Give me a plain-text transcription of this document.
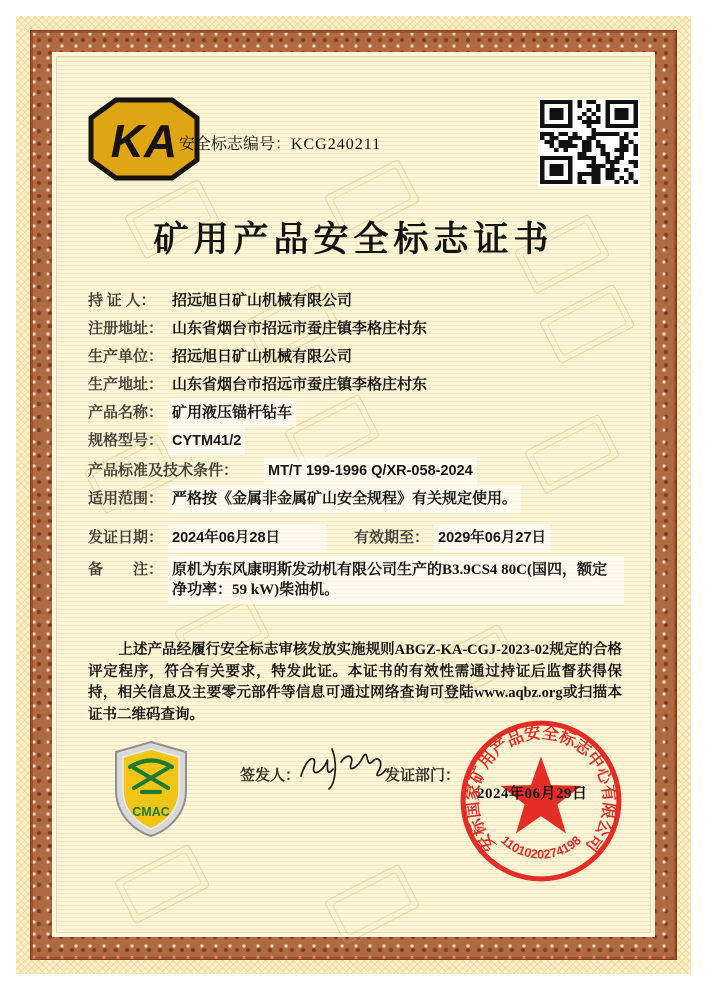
KA 安全标志编号：KCG240211
矿用产品安全标志证书
持 证 人：	招远旭日矿山机械有限公司
注册地址： 山东省烟台市招远市蚕庄镇李格庄村东
生产单位： 招远旭日矿山机械有限公司
生产地址： 山东省烟台市招远市蚕庄镇李格庄村东
产品名称： 矿用液压锚杆钻车
规格型号： CYTM41/2
产品标准及技术条件：	MT/T 199-1996 Q/XR-058-2024
适用范围： 严格按《金属非金属矿山安全规程》有关规定使用。
发证日期： 2024年06月28日	有效期至： 2029年06月27日
备　　注： 原机为东风康明斯发动机有限公司生产的B3.9CS4 80C(国四，额定净功率：59 kW)柴油机。
上述产品经履行安全标志审核发放实施规则ABGZ-KA-CGJ-2023-02规定的合格评定程序，符合有关要求，特发此证。本证书的有效性需通过持证后监督获得保持，相关信息及主要零元部件等信息可通过网络查询可登陆www.aqbz.org或扫描本证书二维码查询。
CMAC
签发人：	发证部门：
安标国家矿用产品安全标志中心有限公司
1101020274198
2024年06月29日
